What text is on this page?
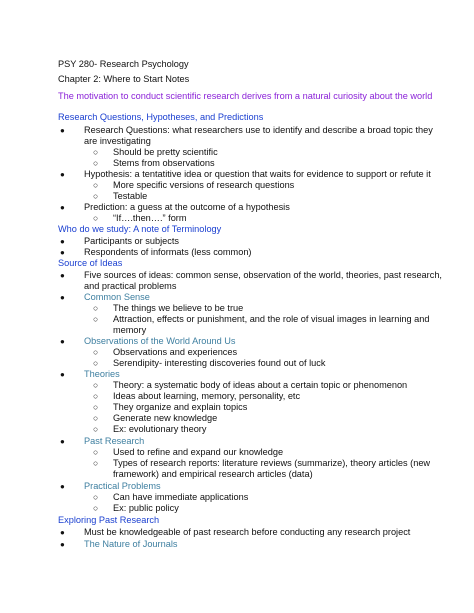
PSY 280- Research Psychology
Chapter 2: Where to Start Notes
The motivation to conduct scientific research derives from a natural curiosity about the world
Research Questions, Hypotheses, and Predictions
● Research Questions: what researchers use to identify and describe a broad topic they
are investigating
○ Should be pretty scientific
○ Stems from observations
● Hypothesis: a tentatitive idea or question that waits for evidence to support or refute it
○ More specific versions of research questions
○ Testable
● Prediction: a guess at the outcome of a hypothesis
○ “If….then….” form
Who do we study: A note of Terminology
● Participants or subjects
● Respondents of informats (less common)
Source of Ideas
● Five sources of ideas: common sense, observation of the world, theories, past research,
and practical problems
● Common Sense
○ The things we believe to be true
○ Attraction, effects or punishment, and the role of visual images in learning and
memory
● Observations of the World Around Us
○ Observations and experiences
○ Serendipity- interesting discoveries found out of luck
● Theories
○ Theory: a systematic body of ideas about a certain topic or phenomenon
○ Ideas about learning, memory, personality, etc
○ They organize and explain topics
○ Generate new knowledge
○ Ex: evolutionary theory
● Past Research
○ Used to refine and expand our knowledge
○ Types of research reports: literature reviews (summarize), theory articles (new
framework) and empirical research articles (data)
● Practical Problems
○ Can have immediate applications
○ Ex: public policy
Exploring Past Research
● Must be knowledgeable of past research before conducting any research project
● The Nature of Journals
